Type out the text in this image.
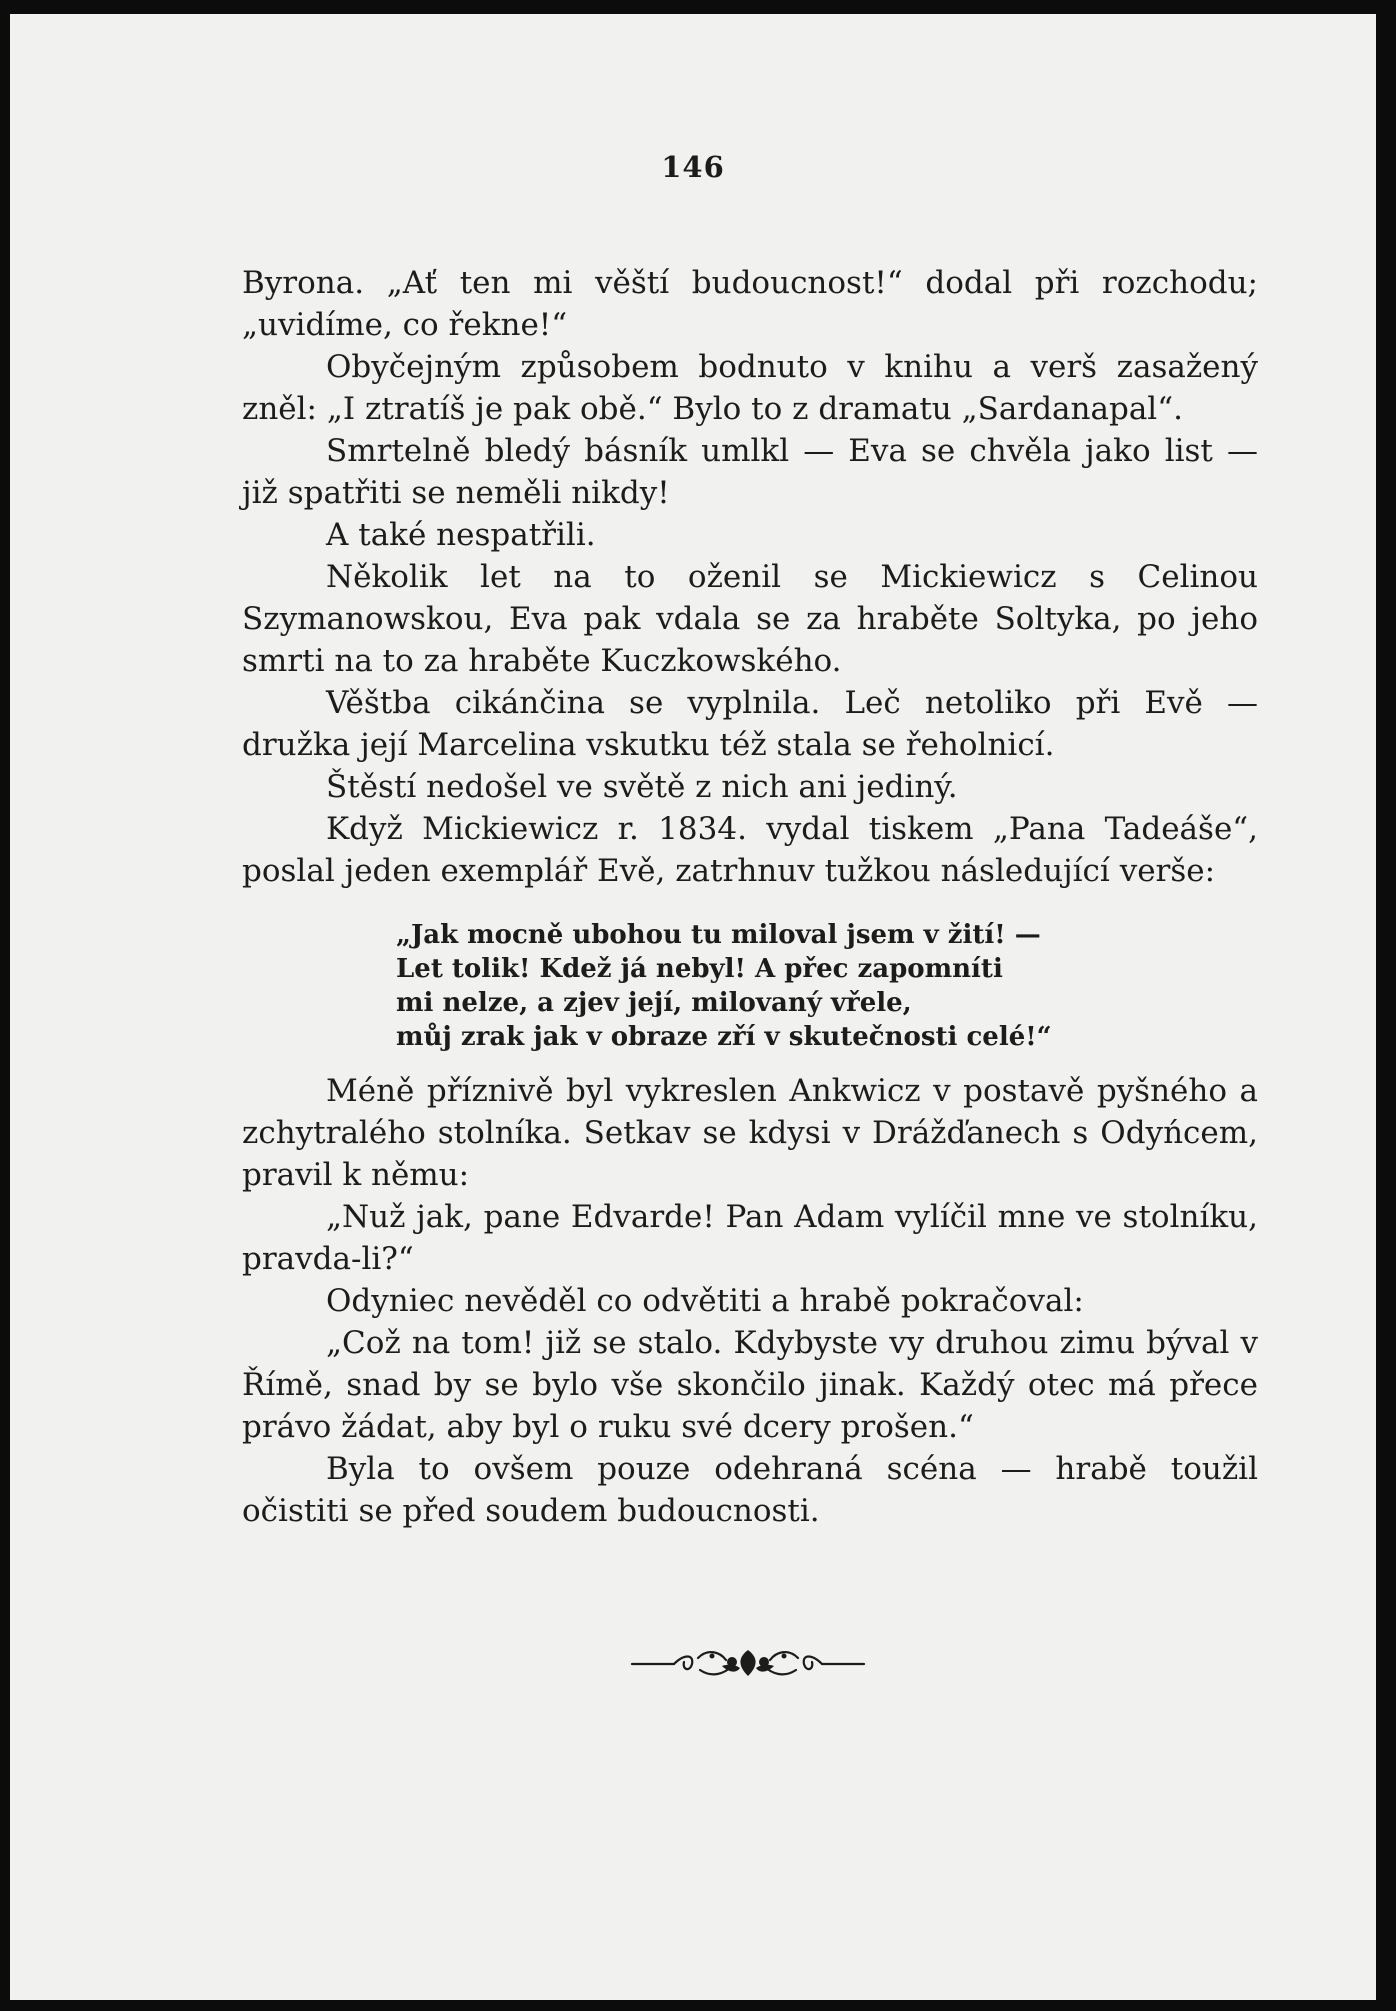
146

Byrona. „Ať ten mi věští budoucnost!“ dodal při rozchodu; „uvidíme, co řekne!“

Obyčejným způsobem bodnuto v knihu a verš zasažený zněl: „I ztratíš je pak obě.“ Bylo to z dramatu „Sardanapal“.

Smrtelně bledý básník umlkl — Eva se chvěla jako list — již spatřiti se neměli nikdy!

A také nespatřili.

Několik let na to oženil se Mickiewicz s Celinou Szymanowskou, Eva pak vdala se za hraběte Soltyka, po jeho smrti na to za hraběte Kuczkowského.

Věštba cikánčina se vyplnila. Leč netoliko při Evě — družka její Marcelina vskutku též stala se řeholnicí.

Štěstí nedošel ve světě z nich ani jediný.

Když Mickiewicz r. 1834. vydal tiskem „Pana Tadeáše“, poslal jeden exemplář Evě, zatrhnuv tužkou následující verše:

„Jak mocně ubohou tu miloval jsem v žití! —
Let tolik! Kdež já nebyl! A přec zapomníti
mi nelze, a zjev její, milovaný vřele,
můj zrak jak v obraze zří v skutečnosti celé!“

Méně příznivě byl vykreslen Ankwicz v postavě pyšného a zchytralého stolníka. Setkav se kdysi v Drážďanech s Odyńcem, pravil k němu:

„Nuž jak, pane Edvarde! Pan Adam vylíčil mne ve stolníku, pravda-li?“

Odyniec nevěděl co odvětiti a hrabě pokračoval:

„Což na tom! již se stalo. Kdybyste vy druhou zimu býval v Římě, snad by se bylo vše skončilo jinak. Každý otec má přece právo žádat, aby byl o ruku své dcery prošen.“

Byla to ovšem pouze odehraná scéna — hrabě toužil očistiti se před soudem budoucnosti.
